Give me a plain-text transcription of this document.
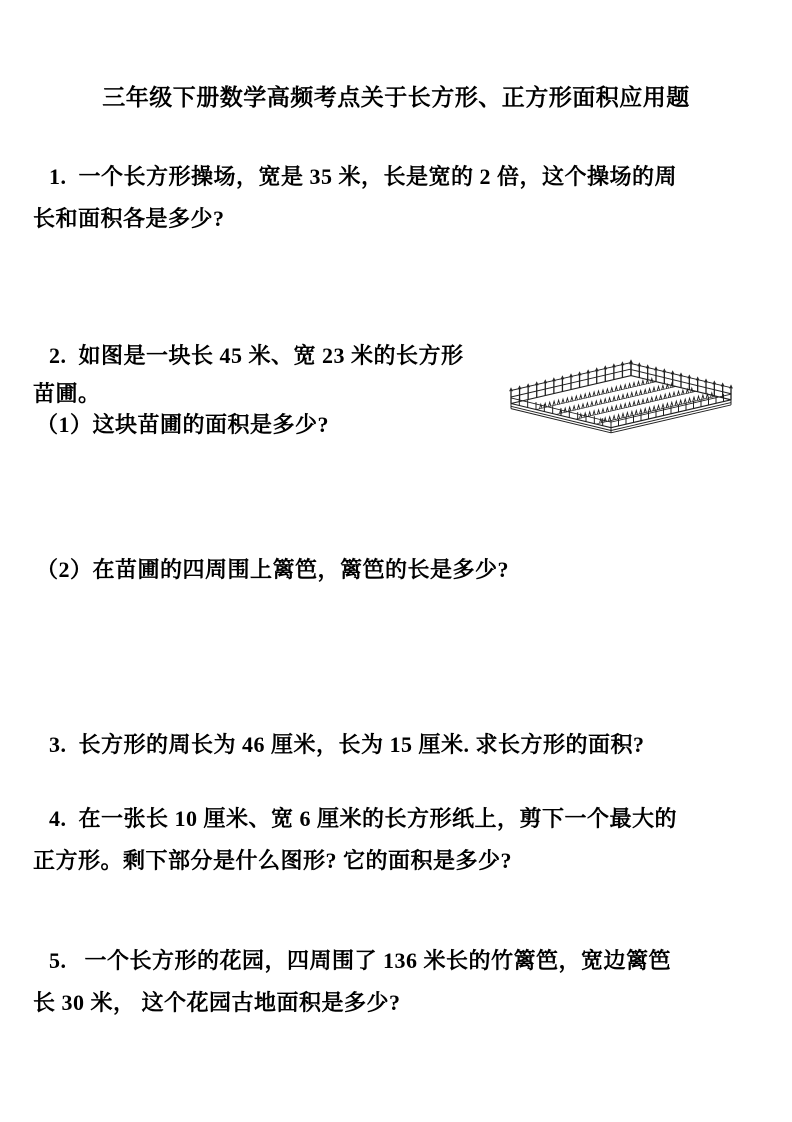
三年级下册数学高频考点关于长方形、正方形面积应用题
1.  一个长方形操场，宽是 35 米，长是宽的 2 倍，这个操场的周
长和面积各是多少?
2.  如图是一块长 45 米、宽 23 米的长方形
苗圃。
（1）这块苗圃的面积是多少?
（2）在苗圃的四周围上篱笆，篱笆的长是多少?
3.  长方形的周长为 46 厘米，长为 15 厘米. 求长方形的面积?
4.  在一张长 10 厘米、宽 6 厘米的长方形纸上，剪下一个最大的
正方形。剩下部分是什么图形? 它的面积是多少?
5.   一个长方形的花园，四周围了 136 米长的竹篱笆，宽边篱笆
长 30 米， 这个花园古地面积是多少?
